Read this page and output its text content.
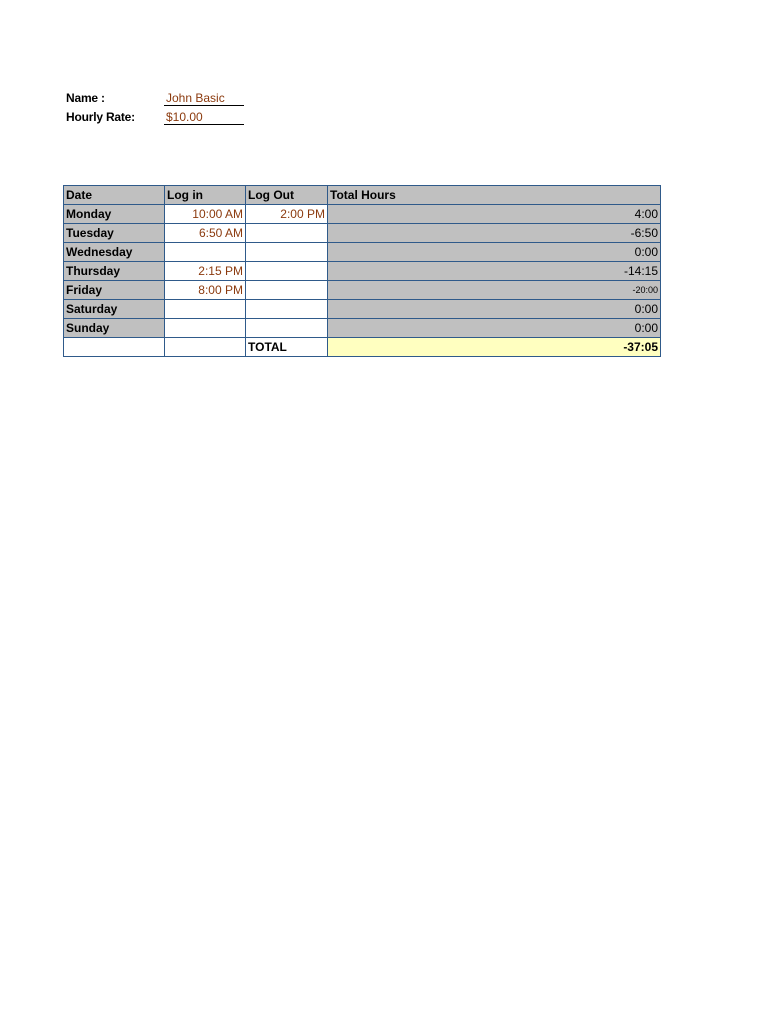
Name :	John Basic
Hourly Rate:	$10.00
Date	Log in	Log Out	Total Hours
Monday	10:00 AM	2:00 PM	4:00
Tuesday	6:50 AM		-6:50
Wednesday			0:00
Thursday	2:15 PM		-14:15
Friday	8:00 PM		-20:00
Saturday			0:00
Sunday			0:00
		TOTAL	-37:05
